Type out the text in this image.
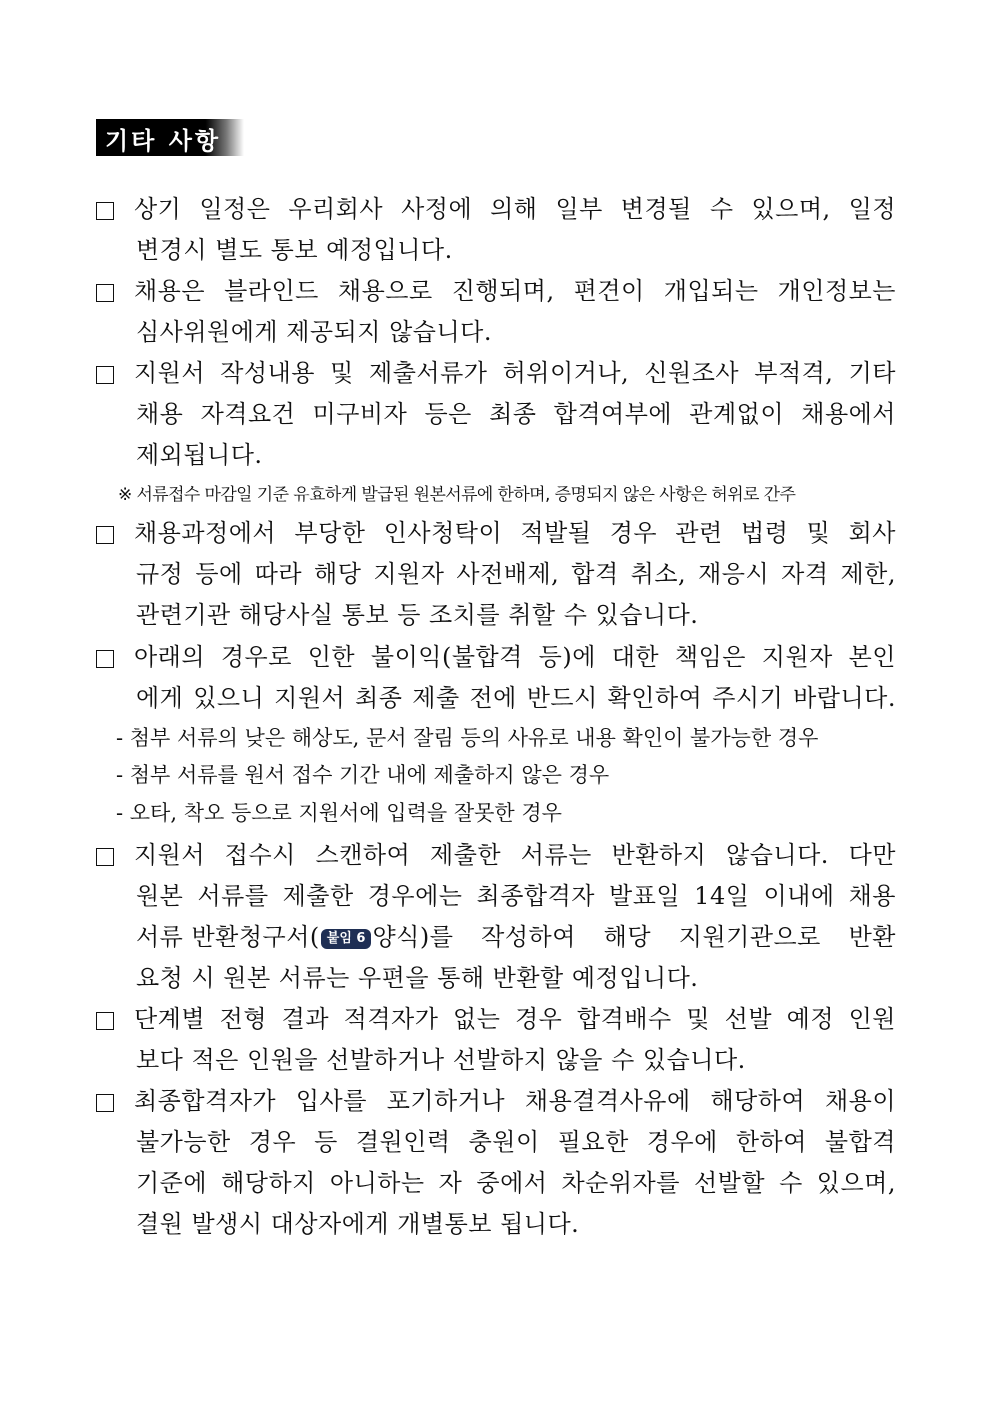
기타 사항
상기 일정은 우리회사 사정에 의해 일부 변경될 수 있으며, 일정
변경시 별도 통보 예정입니다.
채용은 블라인드 채용으로 진행되며, 편견이 개입되는 개인정보는
심사위원에게 제공되지 않습니다.
지원서 작성내용 및 제출서류가 허위이거나, 신원조사 부적격, 기타
채용 자격요건 미구비자 등은 최종 합격여부에 관계없이 채용에서
제외됩니다.
※ 서류접수 마감일 기준 유효하게 발급된 원본서류에 한하며, 증명되지 않은 사항은 허위로 간주
채용과정에서 부당한 인사청탁이 적발될 경우 관련 법령 및 회사
규정 등에 따라 해당 지원자 사전배제, 합격 취소, 재응시 자격 제한,
관련기관 해당사실 통보 등 조치를 취할 수 있습니다.
아래의 경우로 인한 불이익(불합격 등)에 대한 책임은 지원자 본인
에게 있으니 지원서 최종 제출 전에 반드시 확인하여 주시기 바랍니다.
- 첨부 서류의 낮은 해상도, 문서 잘림 등의 사유로 내용 확인이 불가능한 경우
- 첨부 서류를 원서 접수 기간 내에 제출하지 않은 경우
- 오타, 착오 등으로 지원서에 입력을 잘못한 경우
지원서 접수시 스캔하여 제출한 서류는 반환하지 않습니다. 다만
원본 서류를 제출한 경우에는 최종합격자 발표일 14일 이내에 채용
서류 반환청구서( 붙임 6 양식)를 작성하여 해당 지원기관으로 반환
요청 시 원본 서류는 우편을 통해 반환할 예정입니다.
단계별 전형 결과 적격자가 없는 경우 합격배수 및 선발 예정 인원
보다 적은 인원을 선발하거나 선발하지 않을 수 있습니다.
최종합격자가 입사를 포기하거나 채용결격사유에 해당하여 채용이
불가능한 경우 등 결원인력 충원이 필요한 경우에 한하여 불합격
기준에 해당하지 아니하는 자 중에서 차순위자를 선발할 수 있으며,
결원 발생시 대상자에게 개별통보 됩니다.
